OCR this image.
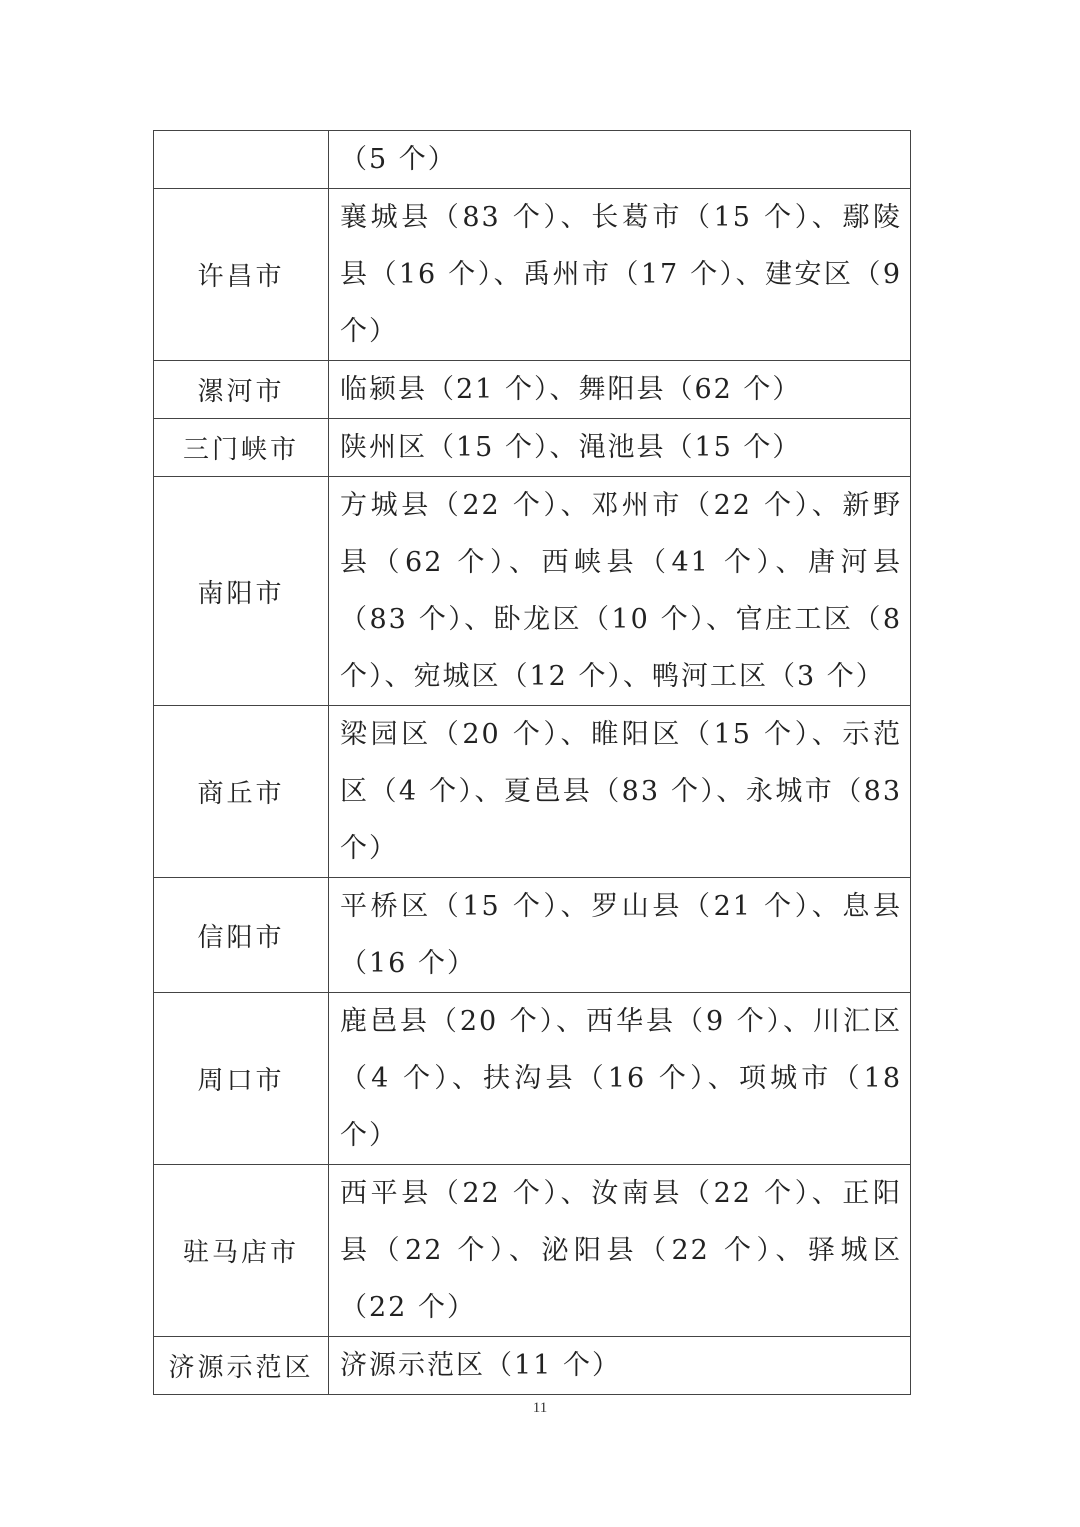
	（5 个）
许昌市	襄城县（83 个）、长葛市（15 个）、鄢陵县（16 个）、禹州市（17 个）、建安区（9 个）
漯河市	临颍县（21 个）、舞阳县（62 个）
三门峡市	陕州区（15 个）、渑池县（15 个）
南阳市	方城县（22 个）、邓州市（22 个）、新野县（62 个）、西峡县（41 个）、唐河县（83 个）、卧龙区（10 个）、官庄工区（8 个）、宛城区（12 个）、鸭河工区（3 个）
商丘市	梁园区（20 个）、睢阳区（15 个）、示范区（4 个）、夏邑县（83 个）、永城市（83 个）
信阳市	平桥区（15 个）、罗山县（21 个）、息县（16 个）
周口市	鹿邑县（20 个）、西华县（9 个）、川汇区（4 个）、扶沟县（16 个）、项城市（18 个）
驻马店市	西平县（22 个）、汝南县（22 个）、正阳县（22 个）、泌阳县（22 个）、驿城区（22 个）
济源示范区	济源示范区（11 个）
11
